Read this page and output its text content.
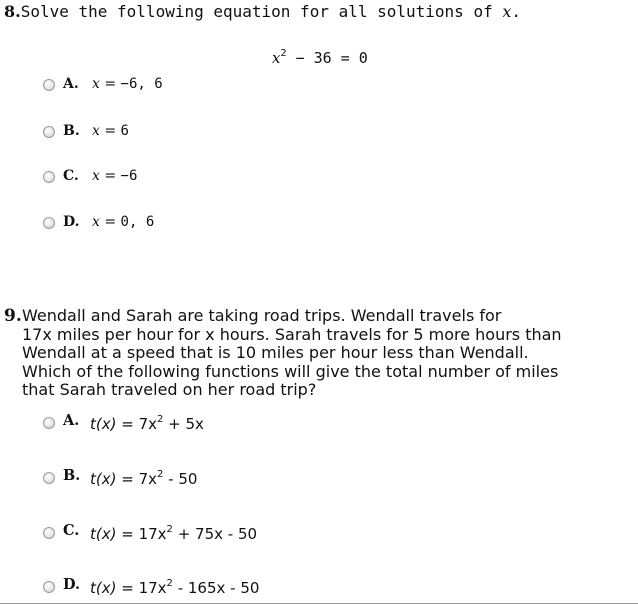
8.Solve the following equation for all solutions of x.
$x^2 - 36 = 0$
A. x = −6, 6
B. x = 6
C. x = −6
D. x = 0, 6
9. Wendall and Sarah are taking road trips. Wendall travels for
17x miles per hour for x hours. Sarah travels for 5 more hours than
Wendall at a speed that is 10 miles per hour less than Wendall.
Which of the following functions will give the total number of miles
that Sarah traveled on her road trip?
A. $t(x) = 7x^2 + 5x$
B. $t(x) = 7x^2 - 50$
C. $t(x) = 17x^2 + 75x - 50$
D. $t(x) = 17x^2 - 165x - 50$
